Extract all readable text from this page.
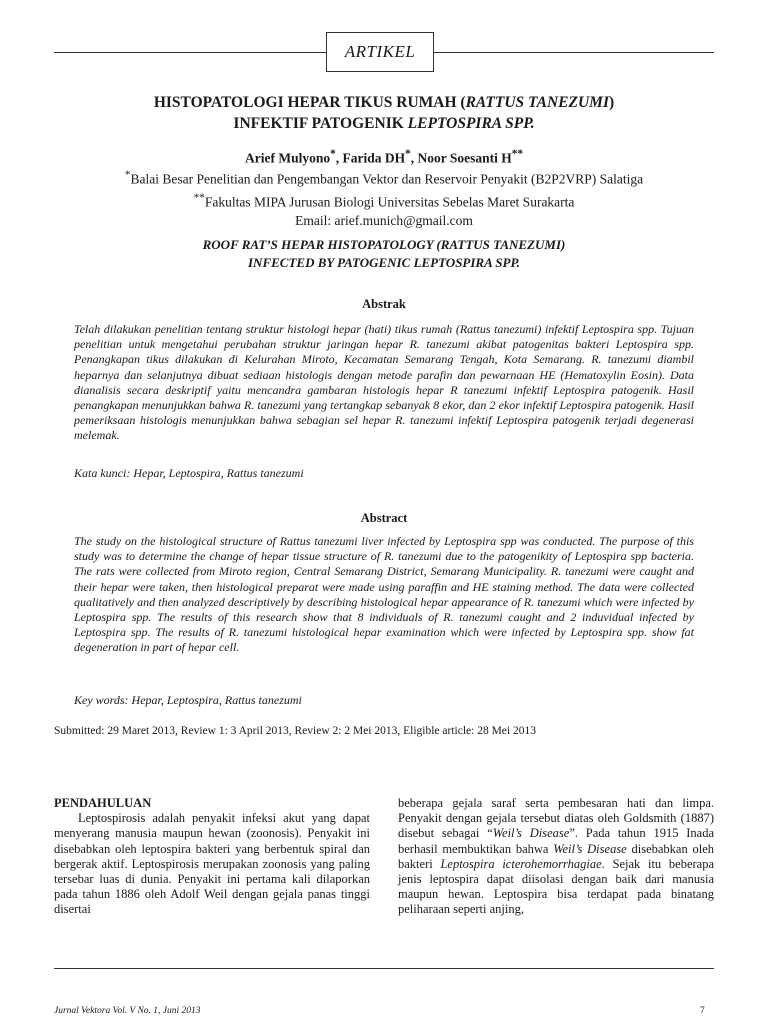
ARTIKEL
HISTOPATOLOGI HEPAR TIKUS RUMAH (RATTUS TANEZUMI)
INFEKTIF PATOGENIK LEPTOSPIRA SPP.
Arief Mulyono*, Farida DH*, Noor Soesanti H**
*Balai Besar Penelitian dan Pengembangan Vektor dan Reservoir Penyakit (B2P2VRP) Salatiga
**Fakultas MIPA Jurusan Biologi Universitas Sebelas Maret Surakarta
Email: arief.munich@gmail.com
ROOF RAT’S HEPAR HISTOPATOLOGY (RATTUS TANEZUMI)
INFECTED BY PATOGENIC LEPTOSPIRA SPP.
Abstrak
Telah dilakukan penelitian tentang struktur histologi hepar (hati) tikus rumah (Rattus tanezumi) infektif Leptospira spp. Tujuan penelitian untuk mengetahui perubahan struktur jaringan hepar R. tanezumi akibat patogenitas bakteri Leptospira spp. Penangkapan tikus dilakukan di Kelurahan Miroto, Kecamatan Semarang Tengah, Kota Semarang. R. tanezumi diambil heparnya dan selanjutnya dibuat sediaan histologis dengan metode parafin dan pewarnaan HE (Hematoxylin Eosin). Data dianalisis secara deskriptif yaitu mencandra gambaran histologis hepar R tanezumi infektif Leptospira patogenik. Hasil penangkapan menunjukkan bahwa R. tanezumi yang tertangkap sebanyak 8 ekor, dan 2 ekor infektif Leptospira patogenik. Hasil pemeriksaan histologis menunjukkan bahwa sebagian sel hepar R. tanezumi infektif Leptospira patogenik terjadi degenerasi melemak.
Kata kunci: Hepar, Leptospira, Rattus tanezumi
Abstract
The study on the histological structure of Rattus tanezumi liver infected by Leptospira spp was conducted. The purpose of this study was to determine the change of hepar tissue structure of R. tanezumi due to the patogenikity of Leptospira spp bacteria. The rats were collected from Miroto region, Central Semarang District, Semarang Municipality. R. tanezumi were caught and their hepar were taken, then histological preparat were made using paraffin and HE staining method. The data were collected qualitatively and then analyzed descriptively by describing histological hepar appearance of R. tanezumi which were infected by Leptospira spp. The results of this research show that 8 individuals of R. tanezumi caught and 2 induvidual infected by Leptospira spp. The results of R. tanezumi histological hepar examination which were infected by Leptospira spp. show fat degeneration in part of hepar cell.
Key words: Hepar, Leptospira, Rattus tanezumi
Submitted: 29 Maret 2013, Review 1: 3 April 2013, Review 2: 2 Mei 2013, Eligible article: 28 Mei 2013
PENDAHULUAN

Leptospirosis adalah penyakit infeksi akut yang dapat menyerang manusia maupun hewan (zoonosis). Penyakit ini disebabkan oleh leptospira bakteri yang berbentuk spiral dan bergerak aktif. Leptospirosis merupakan zoonosis yang paling tersebar luas di dunia. Penyakit ini pertama kali dilaporkan pada tahun 1886 oleh Adolf Weil dengan gejala panas tinggi disertai

beberapa gejala saraf serta pembesaran hati dan limpa. Penyakit dengan gejala tersebut diatas oleh Goldsmith (1887) disebut sebagai “Weil’s Disease”. Pada tahun 1915 Inada berhasil membuktikan bahwa Weil’s Disease disebabkan oleh bakteri Leptospira icterohemorrhagiae. Sejak itu beberapa jenis leptospira dapat diisolasi dengan baik dari manusia maupun hewan. Leptospira bisa terdapat pada binatang peliharaan seperti anjing,

Jurnal Vektora Vol. V No. 1, Juni 2013	7
